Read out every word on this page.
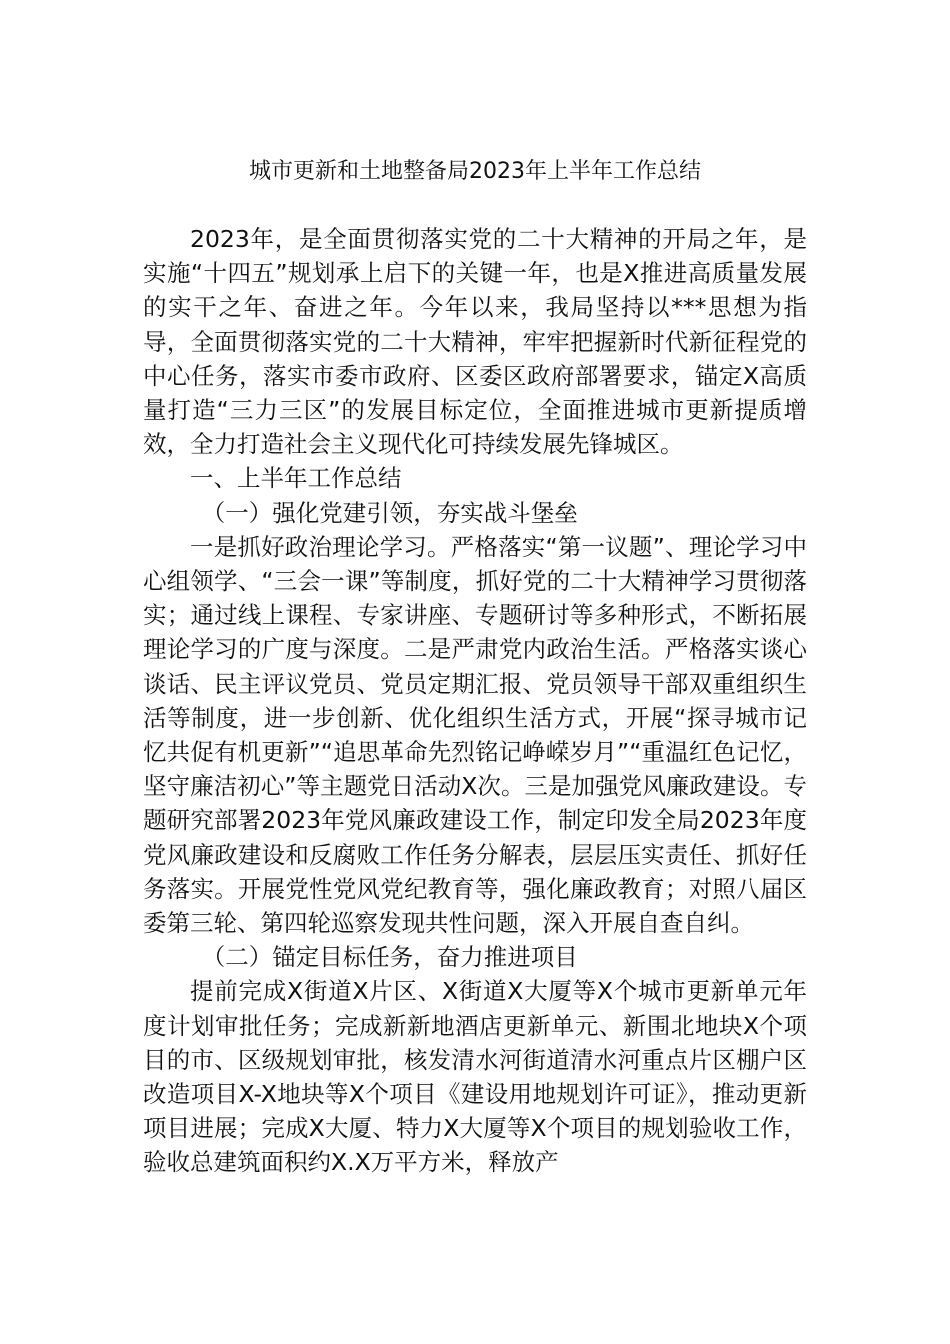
城市更新和土地整备局2023年上半年工作总结

2023年，是全面贯彻落实党的二十大精神的开局之年，是实施“十四五”规划承上启下的关键一年，也是X推进高质量发展的实干之年、奋进之年。今年以来，我局坚持以***思想为指导，全面贯彻落实党的二十大精神，牢牢把握新时代新征程党的中心任务，落实市委市政府、区委区政府部署要求，锚定X高质量打造“三力三区”的发展目标定位，全面推进城市更新提质增效，全力打造社会主义现代化可持续发展先锋城区。

一、上半年工作总结

（一）强化党建引领，夯实战斗堡垒

一是抓好政治理论学习。严格落实“第一议题”、理论学习中心组领学、“三会一课”等制度，抓好党的二十大精神学习贯彻落实；通过线上课程、专家讲座、专题研讨等多种形式，不断拓展理论学习的广度与深度。二是严肃党内政治生活。严格落实谈心谈话、民主评议党员、党员定期汇报、党员领导干部双重组织生活等制度，进一步创新、优化组织生活方式，开展“探寻城市记忆共促有机更新”“追思革命先烈铭记峥嵘岁月”“重温红色记忆，坚守廉洁初心”等主题党日活动X次。三是加强党风廉政建设。专题研究部署2023年党风廉政建设工作，制定印发全局2023年度党风廉政建设和反腐败工作任务分解表，层层压实责任、抓好任务落实。开展党性党风党纪教育等，强化廉政教育；对照八届区委第三轮、第四轮巡察发现共性问题，深入开展自查自纠。

（二）锚定目标任务，奋力推进项目

提前完成X街道X片区、X街道X大厦等X个城市更新单元年度计划审批任务；完成新新地酒店更新单元、新围北地块X个项目的市、区级规划审批，核发清水河街道清水河重点片区棚户区改造项目X-X地块等X个项目《建设用地规划许可证》，推动更新项目进展；完成X大厦、特力X大厦等X个项目的规划验收工作，验收总建筑面积约X.X万平方米，释放产
